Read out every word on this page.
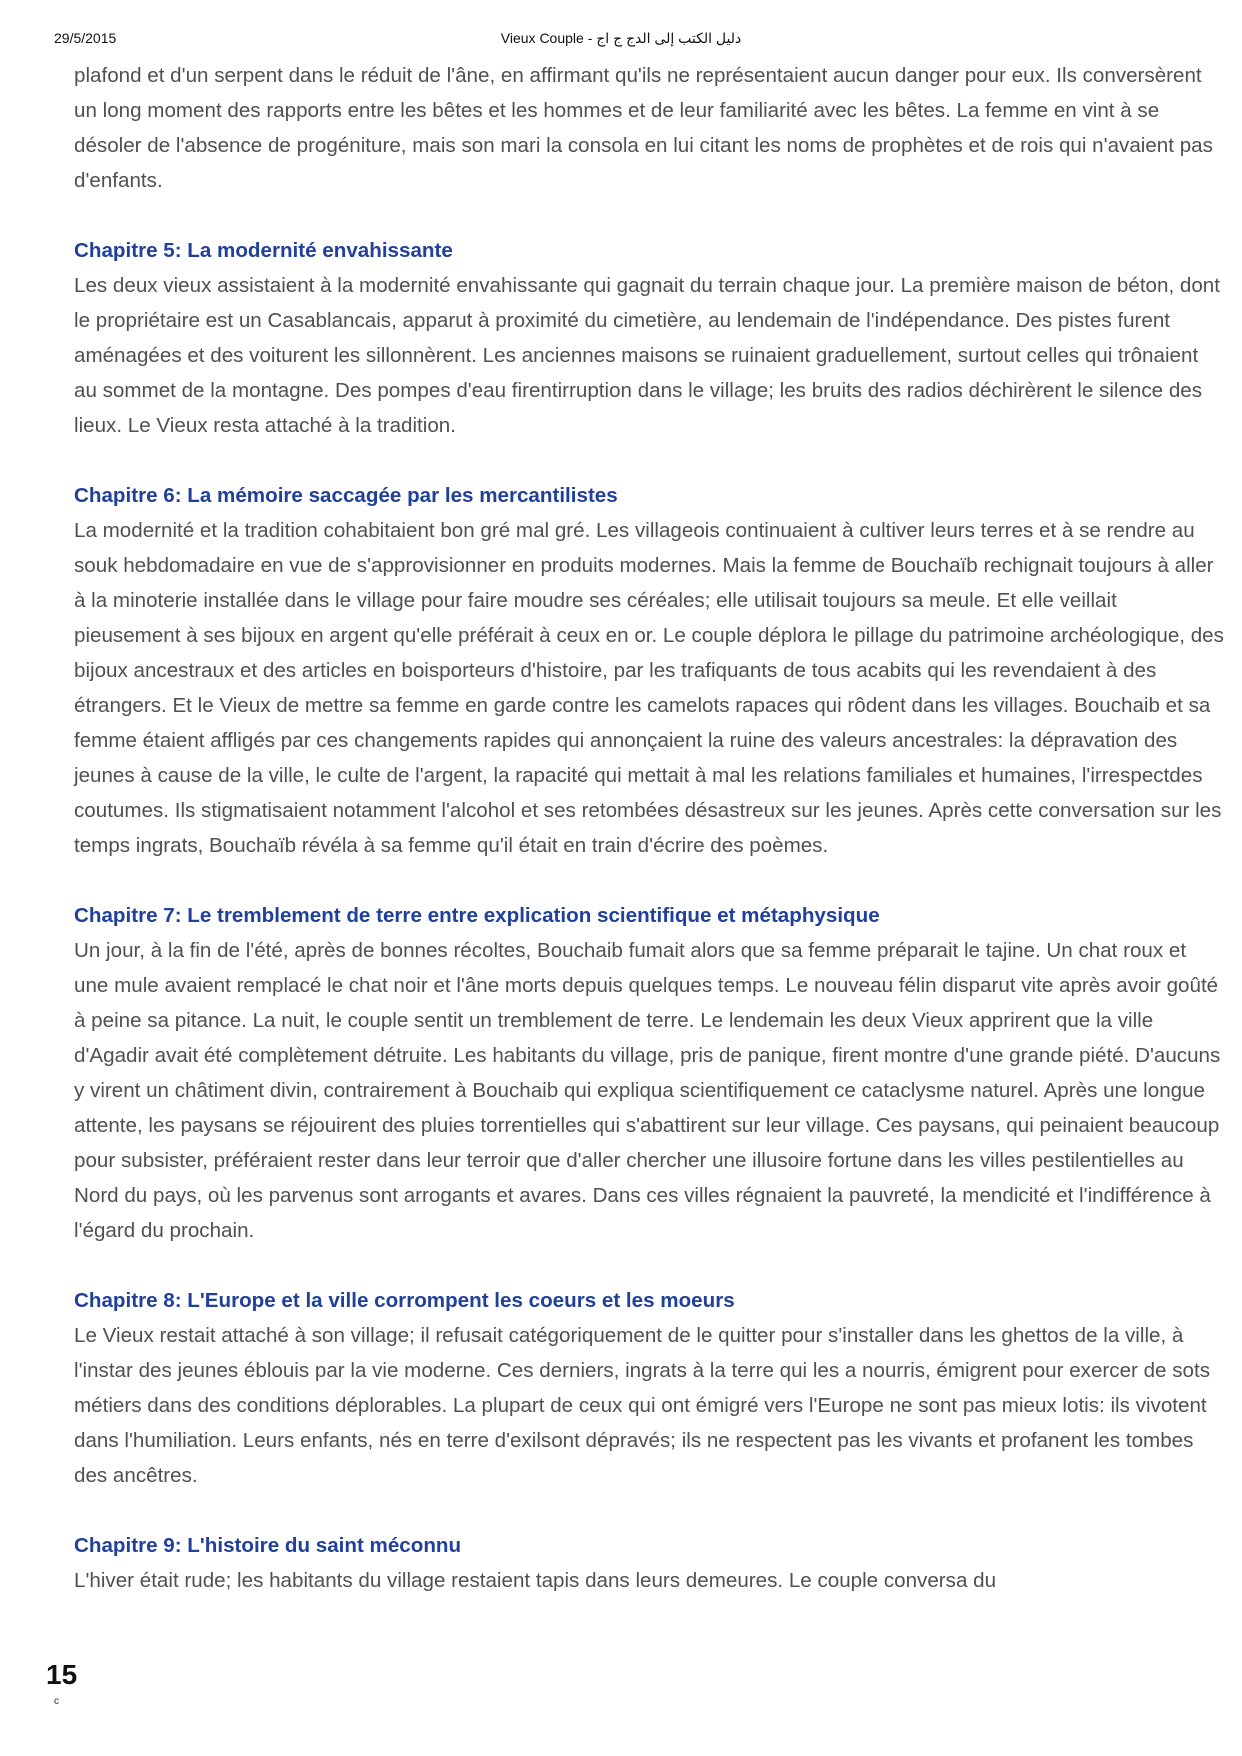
29/5/2015	Vieux Couple - دليل الكتب إلى الدج ج اج

plafond et d'un serpent dans le réduit de l'âne, en affirmant qu'ils ne représentaient aucun danger pour eux. Ils conversèrent un long moment des rapports entre les bêtes et les hommes et de leur familiarité avec les bêtes. La femme en vint à se désoler de l'absence de progéniture, mais son mari la consola en lui citant les noms de prophètes et de rois qui n'avaient pas d'enfants.

Chapitre 5: La modernité envahissante

Les deux vieux assistaient à la modernité envahissante qui gagnait du terrain chaque jour. La première maison de béton, dont le propriétaire est un Casablancais, apparut à proximité du cimetière, au lendemain de l'indépendance. Des pistes furent aménagées et des voiturent les sillonnèrent. Les anciennes maisons se ruinaient graduellement, surtout celles qui trônaient au sommet de la montagne. Des pompes d'eau firentirruption dans le village; les bruits des radios déchirèrent le silence des lieux. Le Vieux resta attaché à la tradition.

Chapitre 6: La mémoire saccagée par les mercantilistes

La modernité et la tradition cohabitaient bon gré mal gré. Les villageois continuaient à cultiver leurs terres et à se rendre au souk hebdomadaire en vue de s'approvisionner en produits modernes. Mais la femme de Bouchaïb rechignait toujours à aller à la minoterie installée dans le village pour faire moudre ses céréales; elle utilisait toujours sa meule. Et elle veillait pieusement à ses bijoux en argent qu'elle préférait à ceux en or. Le couple déplora le pillage du patrimoine archéologique, des bijoux ancestraux et des articles en boisporteurs d'histoire, par les trafiquants de tous acabits qui les revendaient à des étrangers. Et le Vieux de mettre sa femme en garde contre les camelots rapaces qui rôdent dans les villages. Bouchaib et sa femme étaient affligés par ces changements rapides qui annonçaient la ruine des valeurs ancestrales: la dépravation des jeunes à cause de la ville, le culte de l'argent, la rapacité qui mettait à mal les relations familiales et humaines, l'irrespectdes coutumes. Ils stigmatisaient notamment l'alcohol et ses retombées désastreux sur les jeunes. Après cette conversation sur les temps ingrats, Bouchaïb révéla à sa femme qu'il était en train d'écrire des poèmes.

Chapitre 7: Le tremblement de terre entre explication scientifique et métaphysique

Un jour, à la fin de l'été, après de bonnes récoltes, Bouchaib fumait alors que sa femme préparait le tajine. Un chat roux et une mule avaient remplacé le chat noir et l'âne morts depuis quelques temps. Le nouveau félin disparut vite après avoir goûté à peine sa pitance. La nuit, le couple sentit un tremblement de terre. Le lendemain les deux Vieux apprirent que la ville d'Agadir avait été complètement détruite. Les habitants du village, pris de panique, firent montre d'une grande piété. D'aucuns y virent un châtiment divin, contrairement à Bouchaib qui expliqua scientifiquement ce cataclysme naturel. Après une longue attente, les paysans se réjouirent des pluies torrentielles qui s'abattirent sur leur village. Ces paysans, qui peinaient beaucoup pour subsister, préféraient rester dans leur terroir que d'aller chercher une illusoire fortune dans les villes pestilentielles au Nord du pays, où les parvenus sont arrogants et avares. Dans ces villes régnaient la pauvreté, la mendicité et l'indifférence à l'égard du prochain.

Chapitre 8: L'Europe et la ville corrompent les coeurs et les moeurs

Le Vieux restait attaché à son village; il refusait catégoriquement de le quitter pour s'installer dans les ghettos de la ville, à l'instar des jeunes éblouis par la vie moderne. Ces derniers, ingrats à la terre qui les a nourris, émigrent pour exercer de sots métiers dans des conditions déplorables. La plupart de ceux qui ont émigré vers l'Europe ne sont pas mieux lotis: ils vivotent dans l'humiliation. Leurs enfants, nés en terre d'exilsont dépravés; ils ne respectent pas les vivants et profanent les tombes des ancêtres.

Chapitre 9: L'histoire du saint méconnu

L'hiver était rude; les habitants du village restaient tapis dans leurs demeures. Le couple conversa du

15
c
